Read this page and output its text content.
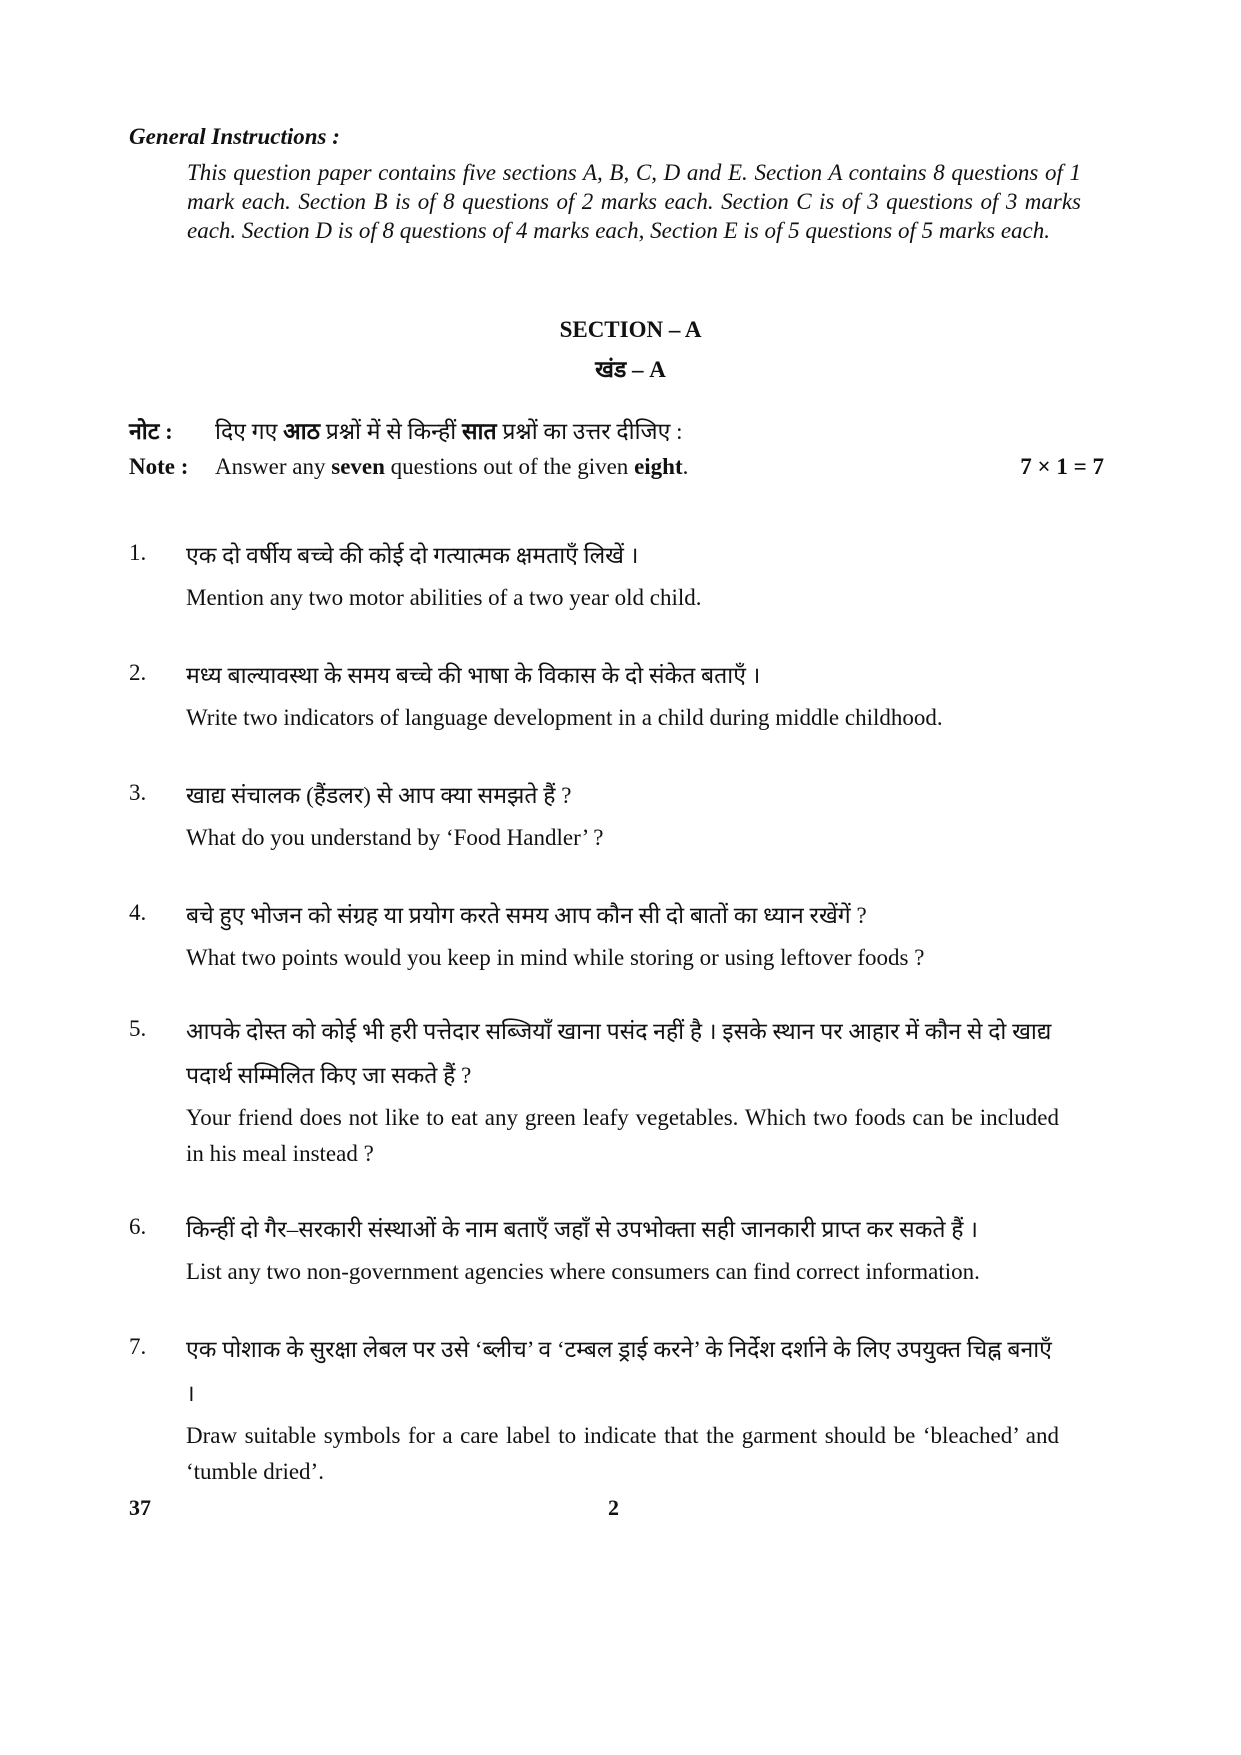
General Instructions :
This question paper contains five sections A, B, C, D and E. Section A contains 8 questions of 1 mark each. Section B is of 8 questions of 2 marks each. Section C is of 3 questions of 3 marks each. Section D is of 8 questions of 4 marks each, Section E is of 5 questions of 5 marks each.
SECTION – A
खंड – A
नोट : दिए गए आठ प्रश्नों में से किन्हीं सात प्रश्नों का उत्तर दीजिए :
Note : Answer any seven questions out of the given eight.	7 × 1 = 7
1. एक दो वर्षीय बच्चे की कोई दो गत्यात्मक क्षमताएँ लिखें ।
Mention any two motor abilities of a two year old child.
2. मध्य बाल्यावस्था के समय बच्चे की भाषा के विकास के दो संकेत बताएँ ।
Write two indicators of language development in a child during middle childhood.
3. खाद्य संचालक (हैंडलर) से आप क्या समझते हैं ?
What do you understand by ‘Food Handler’ ?
4. बचे हुए भोजन को संग्रह या प्रयोग करते समय आप कौन सी दो बातों का ध्यान रखेंगें ?
What two points would you keep in mind while storing or using leftover foods ?
5. आपके दोस्त को कोई भी हरी पत्तेदार सब्जियाँ खाना पसंद नहीं है । इसके स्थान पर आहार में कौन से दो खाद्य पदार्थ सम्मिलित किए जा सकते हैं ?
Your friend does not like to eat any green leafy vegetables. Which two foods can be included in his meal instead ?
6. किन्हीं दो गैर–सरकारी संस्थाओं के नाम बताएँ जहाँ से उपभोक्ता सही जानकारी प्राप्त कर सकते हैं ।
List any two non-government agencies where consumers can find correct information.
7. एक पोशाक के सुरक्षा लेबल पर उसे ‘ब्लीच’ व ‘टम्बल ड्राई करने’ के निर्देश दर्शाने के लिए उपयुक्त चिह्न बनाएँ ।
Draw suitable symbols for a care label to indicate that the garment should be ‘bleached’ and ‘tumble dried’.
37	2
